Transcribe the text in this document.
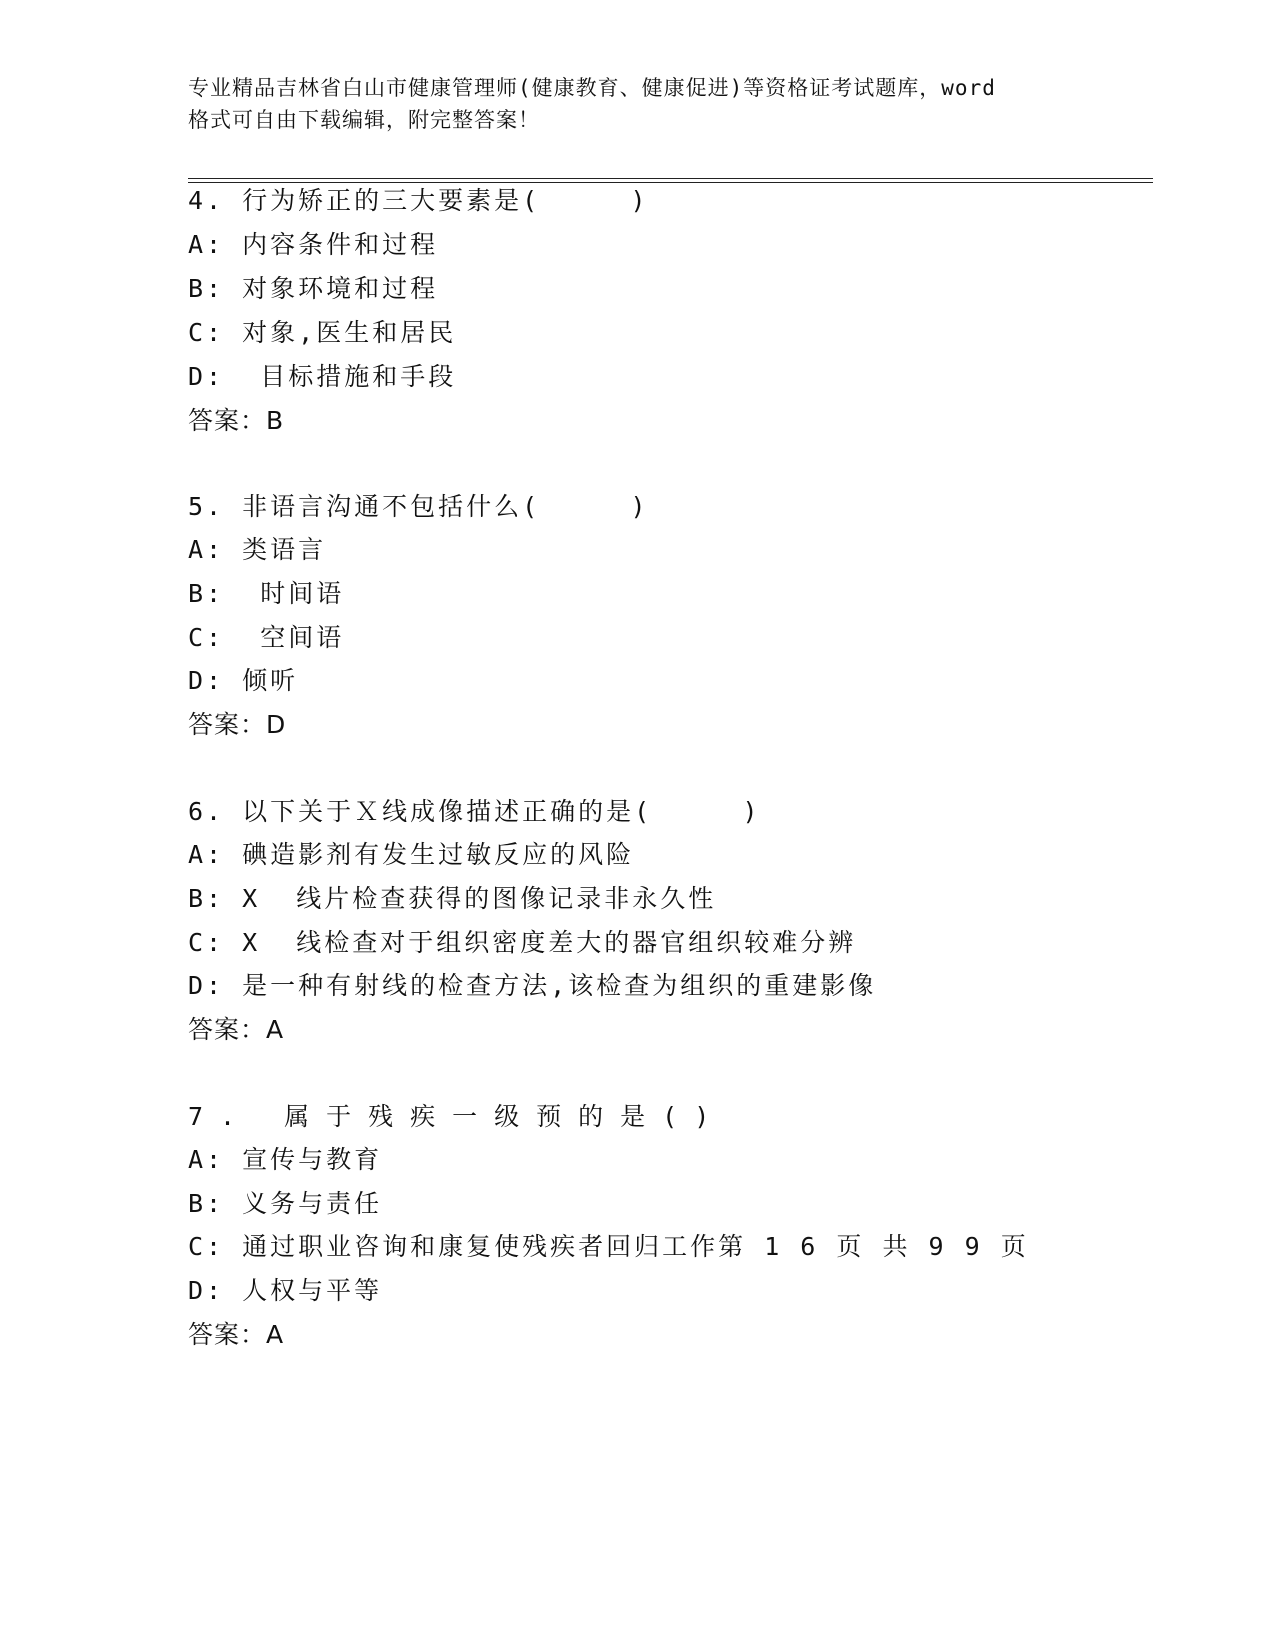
专业精品吉林省白山市健康管理师(健康教育、健康促进)等资格证考试题库，word
格式可自由下载编辑，附完整答案！
4. 行为矫正的三大要素是(     )
A: 内容条件和过程
B: 对象环境和过程
C: 对象,医生和居民
D:  目标措施和手段
答案：B
5. 非语言沟通不包括什么(     )
A: 类语言
B:  时间语
C:  空间语
D: 倾听
答案：D
6. 以下关于Ｘ线成像描述正确的是(     )
A: 碘造影剂有发生过敏反应的风险
B: X  线片检查获得的图像记录非永久性
C: X  线检查对于组织密度差大的器官组织较难分辨
D: 是一种有射线的检查方法,该检查为组织的重建影像
答案：A
7. 属于残疾一级预的是()
A: 宣传与教育
B: 义务与责任
C: 通过职业咨询和康复使残疾者回归工作第 1 6 页 共 9 9 页
D: 人权与平等
答案：A
